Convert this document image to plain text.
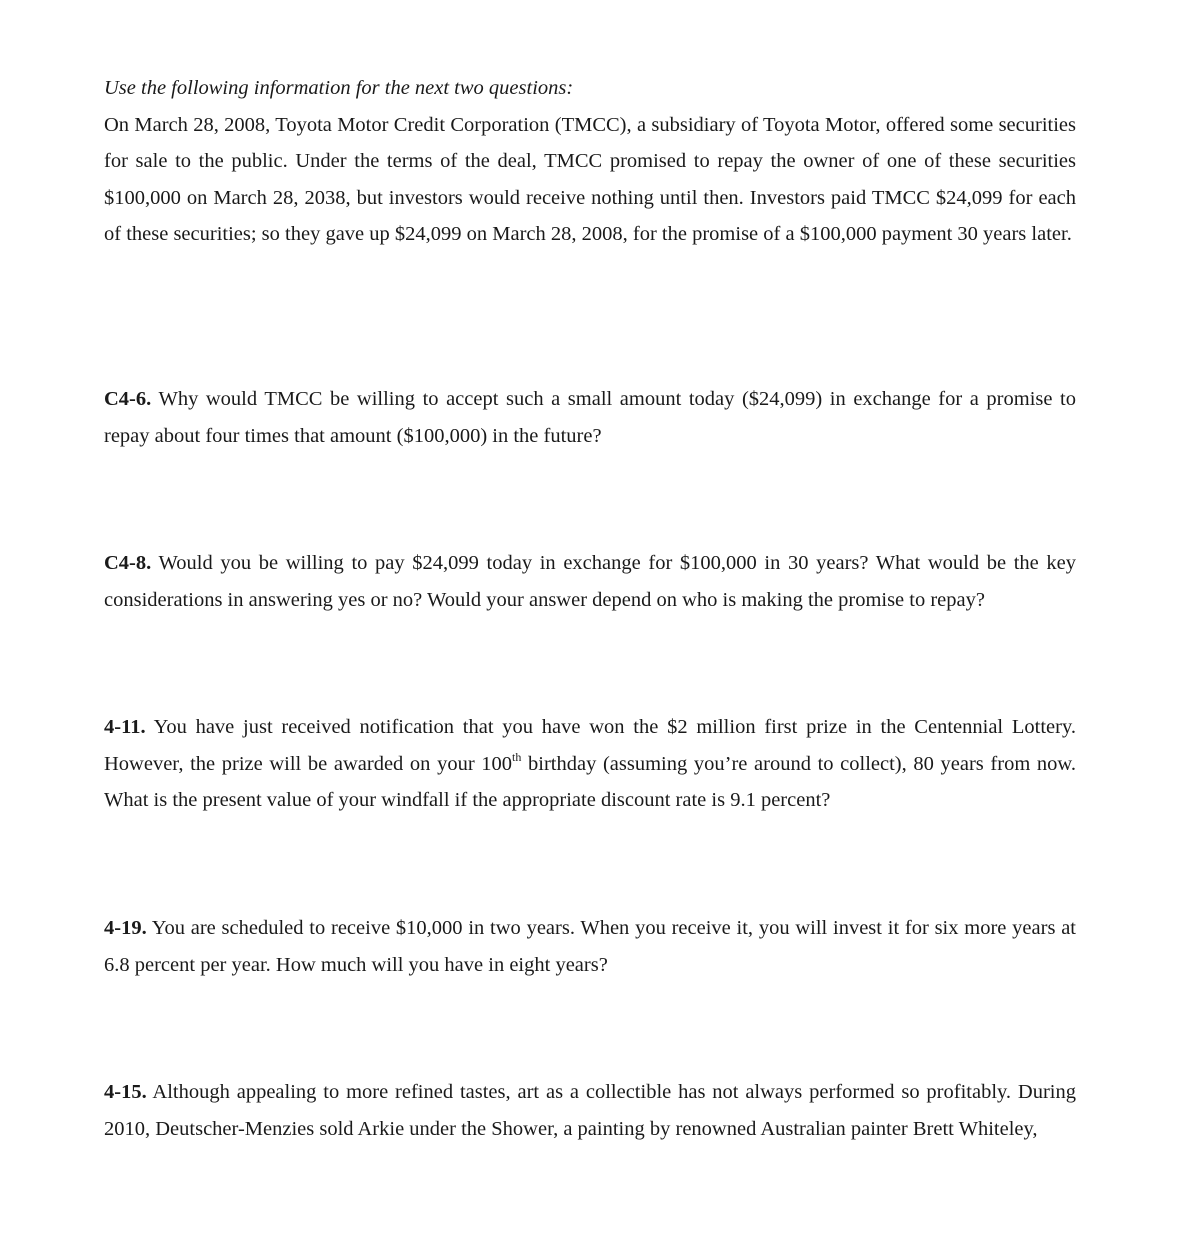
Use the following information for the next two questions:

On March 28, 2008, Toyota Motor Credit Corporation (TMCC), a subsidiary of Toyota Motor, offered some securities for sale to the public. Under the terms of the deal, TMCC promised to repay the owner of one of these securities $100,000 on March 28, 2038, but investors would receive nothing until then. Investors paid TMCC $24,099 for each of these securities; so they gave up $24,099 on March 28, 2008, for the promise of a $100,000 payment 30 years later.

C4-6. Why would TMCC be willing to accept such a small amount today ($24,099) in exchange for a promise to repay about four times that amount ($100,000) in the future?

C4-8. Would you be willing to pay $24,099 today in exchange for $100,000 in 30 years? What would be the key considerations in answering yes or no? Would your answer depend on who is making the promise to repay?

4-11. You have just received notification that you have won the $2 million first prize in the Centennial Lottery. However, the prize will be awarded on your 100th birthday (assuming you’re around to collect), 80 years from now. What is the present value of your windfall if the appropriate discount rate is 9.1 percent?

4-19. You are scheduled to receive $10,000 in two years. When you receive it, you will invest it for six more years at 6.8 percent per year. How much will you have in eight years?

4-15. Although appealing to more refined tastes, art as a collectible has not always performed so profitably. During 2010, Deutscher-Menzies sold Arkie under the Shower, a painting by renowned Australian painter Brett Whiteley,
